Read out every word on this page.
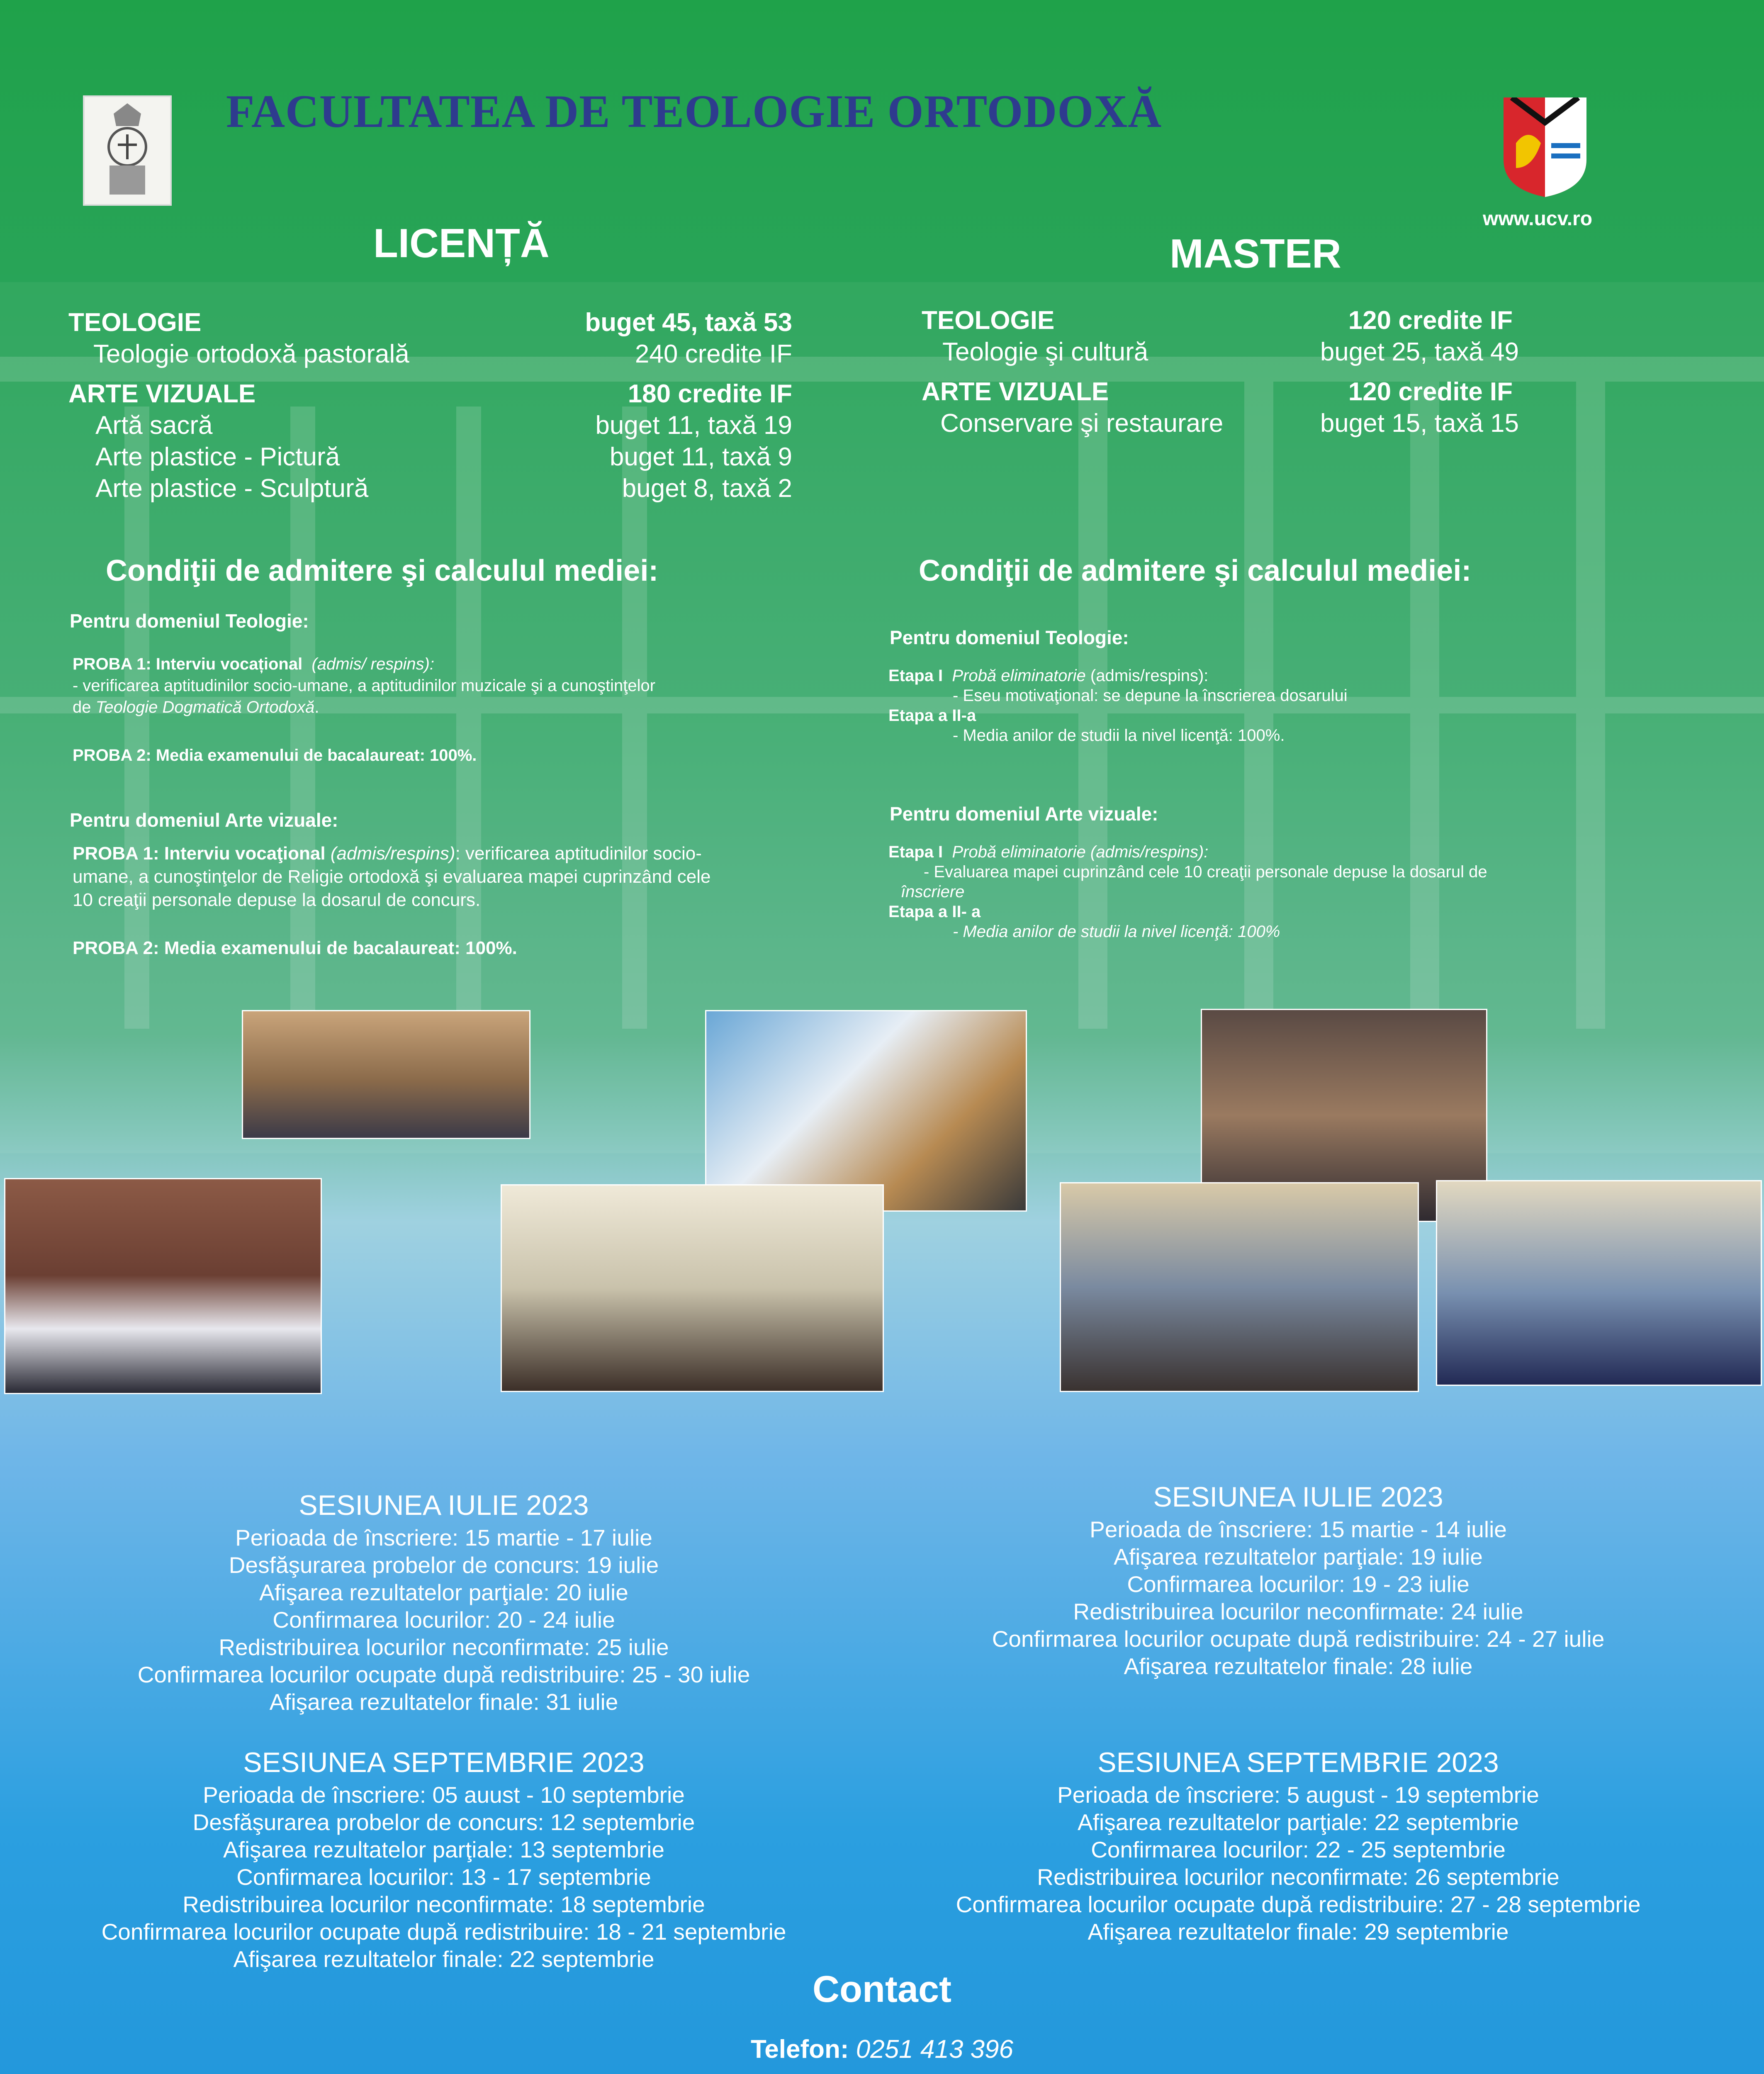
FACULTATEA DE TEOLOGIE ORTODOXĂ
www.ucv.ro
LICENȚĂ
TEOLOGIE	buget 45, taxă 53
Teologie ortodoxă pastorală	240 credite IF
ARTE VIZUALE	180 credite IF
Artă sacră	buget 11, taxă 19
Arte plastice - Pictură	buget 11, taxă 9
Arte plastice - Sculptură	buget 8, taxă 2
Condiţii de admitere şi calculul mediei:
Pentru domeniul Teologie:
PROBA 1: Interviu vocațional (admis/ respins):
- verificarea aptitudinilor socio-umane, a aptitudinilor muzicale şi a cunoştinţelor
de Teologie Dogmatică Ortodoxă.
PROBA 2: Media examenului de bacalaureat: 100%.
Pentru domeniul Arte vizuale:
PROBA 1: Interviu vocaţional (admis/respins): verificarea aptitudinilor socio-
umane, a cunoştinţelor de Religie ortodoxă şi evaluarea mapei cuprinzând cele
10 creaţii personale depuse la dosarul de concurs.
PROBA 2: Media examenului de bacalaureat: 100%.
MASTER
TEOLOGIE	120 credite IF
Teologie şi cultură	buget 25, taxă 49
ARTE VIZUALE	120 credite IF
Conservare şi restaurare	buget 15, taxă 15
Condiţii de admitere şi calculul mediei:
Pentru domeniul Teologie:
Etapa I Probă eliminatorie (admis/respins):
- Eseu motivaţional: se depune la înscrierea dosarului
Etapa a II-a
- Media anilor de studii la nivel licenţă: 100%.
Pentru domeniul Arte vizuale:
Etapa I Probă eliminatorie (admis/respins):
- Evaluarea mapei cuprinzând cele 10 creaţii personale depuse la dosarul de
înscriere
Etapa a II- a
- Media anilor de studii la nivel licenţă: 100%
SESIUNEA IULIE 2023
Perioada de înscriere: 15 martie - 17 iulie
Desfăşurarea probelor de concurs: 19 iulie
Afişarea rezultatelor parţiale: 20 iulie
Confirmarea locurilor: 20 - 24 iulie
Redistribuirea locurilor neconfirmate: 25 iulie
Confirmarea locurilor ocupate după redistribuire: 25 - 30 iulie
Afişarea rezultatelor finale: 31 iulie
SESIUNEA SEPTEMBRIE 2023
Perioada de înscriere: 05 auust - 10 septembrie
Desfăşurarea probelor de concurs: 12 septembrie
Afişarea rezultatelor parţiale: 13 septembrie
Confirmarea locurilor: 13 - 17 septembrie
Redistribuirea locurilor neconfirmate: 18 septembrie
Confirmarea locurilor ocupate după redistribuire: 18 - 21 septembrie
Afişarea rezultatelor finale: 22 septembrie
SESIUNEA IULIE 2023
Perioada de înscriere: 15 martie - 14 iulie
Afişarea rezultatelor parţiale: 19 iulie
Confirmarea locurilor: 19 - 23 iulie
Redistribuirea locurilor neconfirmate: 24 iulie
Confirmarea locurilor ocupate după redistribuire: 24 - 27 iulie
Afişarea rezultatelor finale: 28 iulie
SESIUNEA SEPTEMBRIE 2023
Perioada de înscriere: 5 august - 19 septembrie
Afişarea rezultatelor parţiale: 22 septembrie
Confirmarea locurilor: 22 - 25 septembrie
Redistribuirea locurilor neconfirmate: 26 septembrie
Confirmarea locurilor ocupate după redistribuire: 27 - 28 septembrie
Afişarea rezultatelor finale: 29 septembrie
Contact
Telefon: 0251 413 396
